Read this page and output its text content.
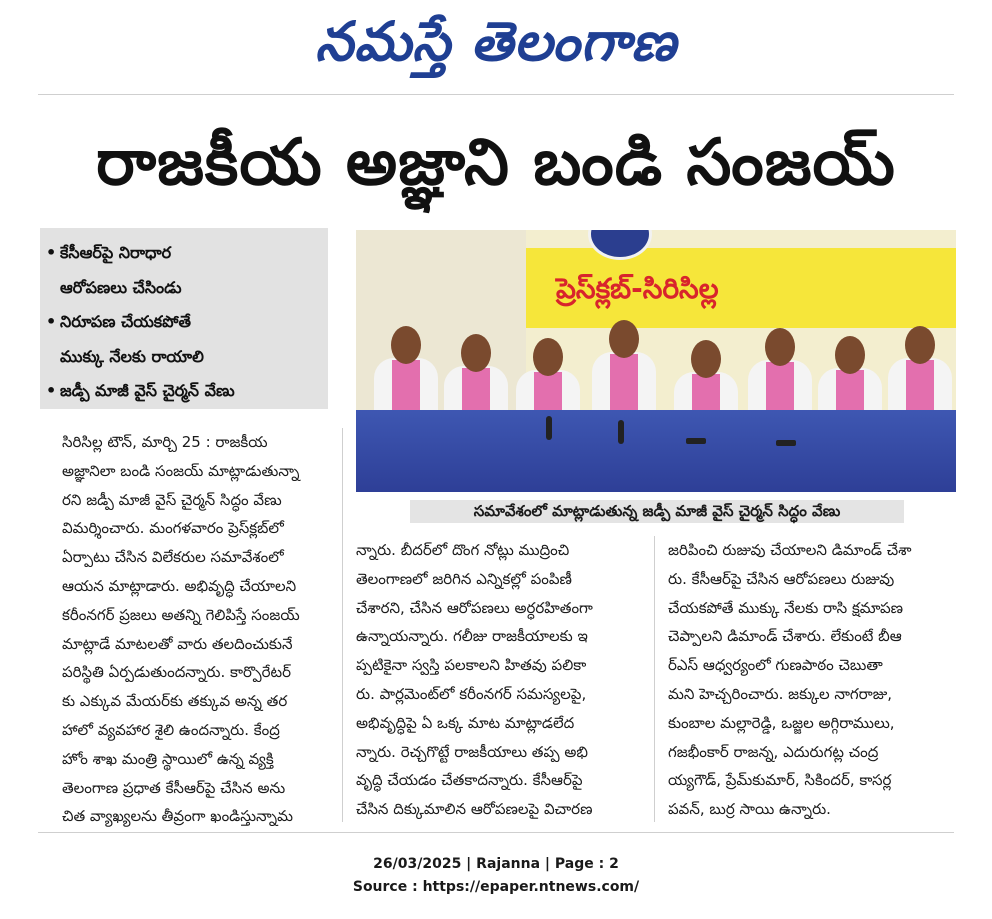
నమస్తే తెలంగాణ
రాజకీయ అజ్ఞాని బండి సంజయ్
• కేసీఆర్‌పై నిరాధార
ఆరోపణలు చేసిండు
• నిరూపణ చేయకపోతే
ముక్కు నేలకు రాయాలి
• జడ్పీ మాజీ వైస్ చైర్మన్ వేణు
ప్రెస్‌క్లబ్-సిరిసిల్ల
సమావేశంలో మాట్లాడుతున్న జడ్పీ మాజీ వైస్ చైర్మన్ సిద్ధం వేణు
సిరిసిల్ల టౌన్, మార్చి 25 : రాజకీయ
అజ్ఞానిలా బండి సంజయ్ మాట్లాడుతున్నా
రని జడ్పీ మాజీ వైస్ చైర్మన్ సిద్ధం వేణు
విమర్శించారు. మంగళవారం ప్రెస్‌క్లబ్‌లో
ఏర్పాటు చేసిన విలేకరుల సమావేశంలో
ఆయన మాట్లాడారు. అభివృద్ధి చేయాలని
కరీంనగర్ ప్రజలు అతన్ని గెలిపిస్తే సంజయ్
మాట్లాడే మాటలతో వారు తలదించుకునే
పరిస్థితి ఏర్పడుతుందన్నారు. కార్పొరేటర్
కు ఎక్కువ మేయర్‌కు తక్కువ అన్న తర
హాలో వ్యవహార శైలి ఉందన్నారు. కేంద్ర
హోం శాఖ మంత్రి స్థాయిలో ఉన్న వ్యక్తి
తెలంగాణ ప్రధాత కేసీఆర్‌పై చేసిన అను
చిత వ్యాఖ్యలను తీవ్రంగా ఖండిస్తున్నామ
న్నారు. బీదర్‌లో దొంగ నోట్లు ముద్రించి
తెలంగాణలో జరిగిన ఎన్నికల్లో పంపిణీ
చేశారని, చేసిన ఆరోపణలు అర్ధరహితంగా
ఉన్నాయన్నారు. గలీజు రాజకీయాలకు ఇ
ప్పటికైనా స్వస్తి పలకాలని హితవు పలికా
రు. పార్లమెంట్‌లో కరీంనగర్ సమస్యలపై,
అభివృద్ధిపై ఏ ఒక్క మాట మాట్లాడలేద
న్నారు. రెచ్చగొట్టే రాజకీయాలు తప్ప అభి
వృద్ధి చేయడం చేతకాదన్నారు. కేసీఆర్‌పై
చేసిన దిక్కుమాలిన ఆరోపణలపై విచారణ
జరిపించి రుజువు చేయాలని డిమాండ్ చేశా
రు. కేసీఆర్‌పై చేసిన ఆరోపణలు రుజువు
చేయకపోతే ముక్కు నేలకు రాసి క్షమాపణ
చెప్పాలని డిమాండ్ చేశారు. లేకుంటే బీఆ
ర్‌ఎస్ ఆధ్వర్యంలో గుణపాఠం చెబుతా
మని హెచ్చరించారు. జక్కుల నాగరాజు,
కుంబాల మల్లారెడ్డి, ఒజ్జల అగ్గిరాములు,
గజభీంకార్ రాజన్న, ఎదురుగట్ల చంద్ర
య్యగౌడ్, ప్రేమ్‌కుమార్, సికిందర్, కాసర్ల
పవన్, బుర్ర సాయి ఉన్నారు.
26/03/2025 | Rajanna | Page : 2
Source : https://epaper.ntnews.com/
